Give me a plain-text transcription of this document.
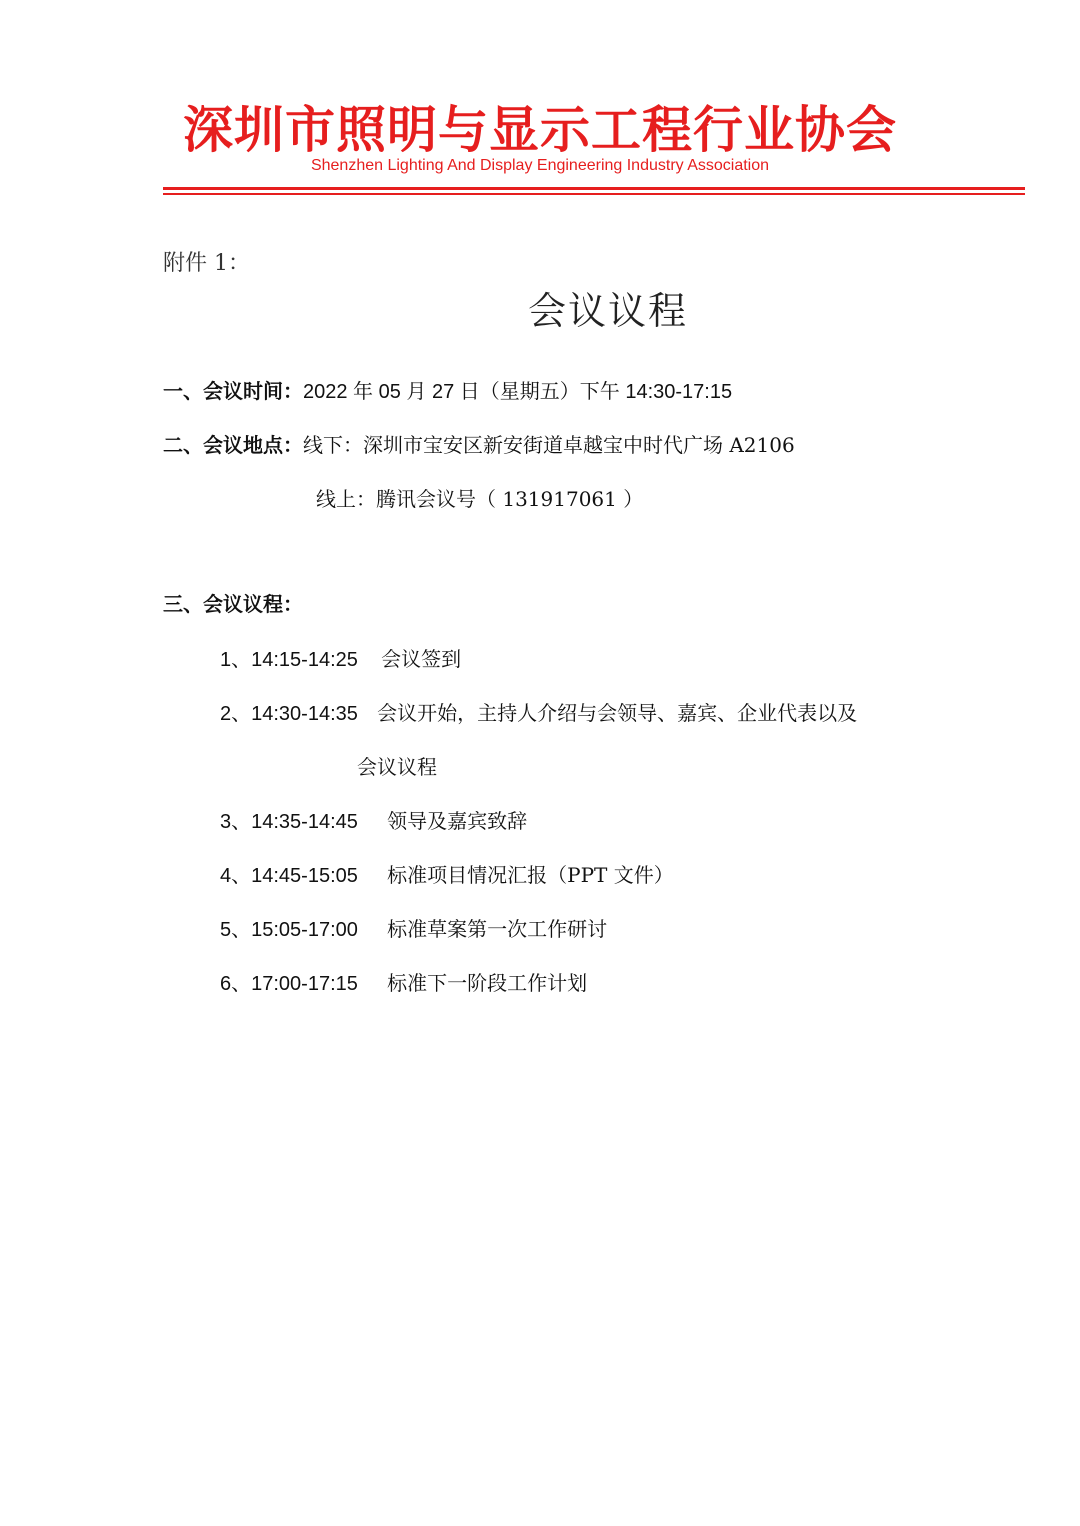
深圳市照明与显示工程行业协会
Shenzhen Lighting And Display Engineering Industry Association
附件 1：
会议议程
一、会议时间：2022 年 05 月 27 日（星期五）下午 14:30-17:15
二、会议地点：线下：深圳市宝安区新安街道卓越宝中时代广场 A2106
线上：腾讯会议号（ 131917061 ）
三、会议议程：
1、14:15-14:25 会议签到
2、14:30-14:35 会议开始，主持人介绍与会领导、嘉宾、企业代表以及
会议议程
3、14:35-14:45 领导及嘉宾致辞
4、14:45-15:05 标准项目情况汇报（PPT 文件）
5、15:05-17:00 标准草案第一次工作研讨
6、17:00-17:15 标准下一阶段工作计划
